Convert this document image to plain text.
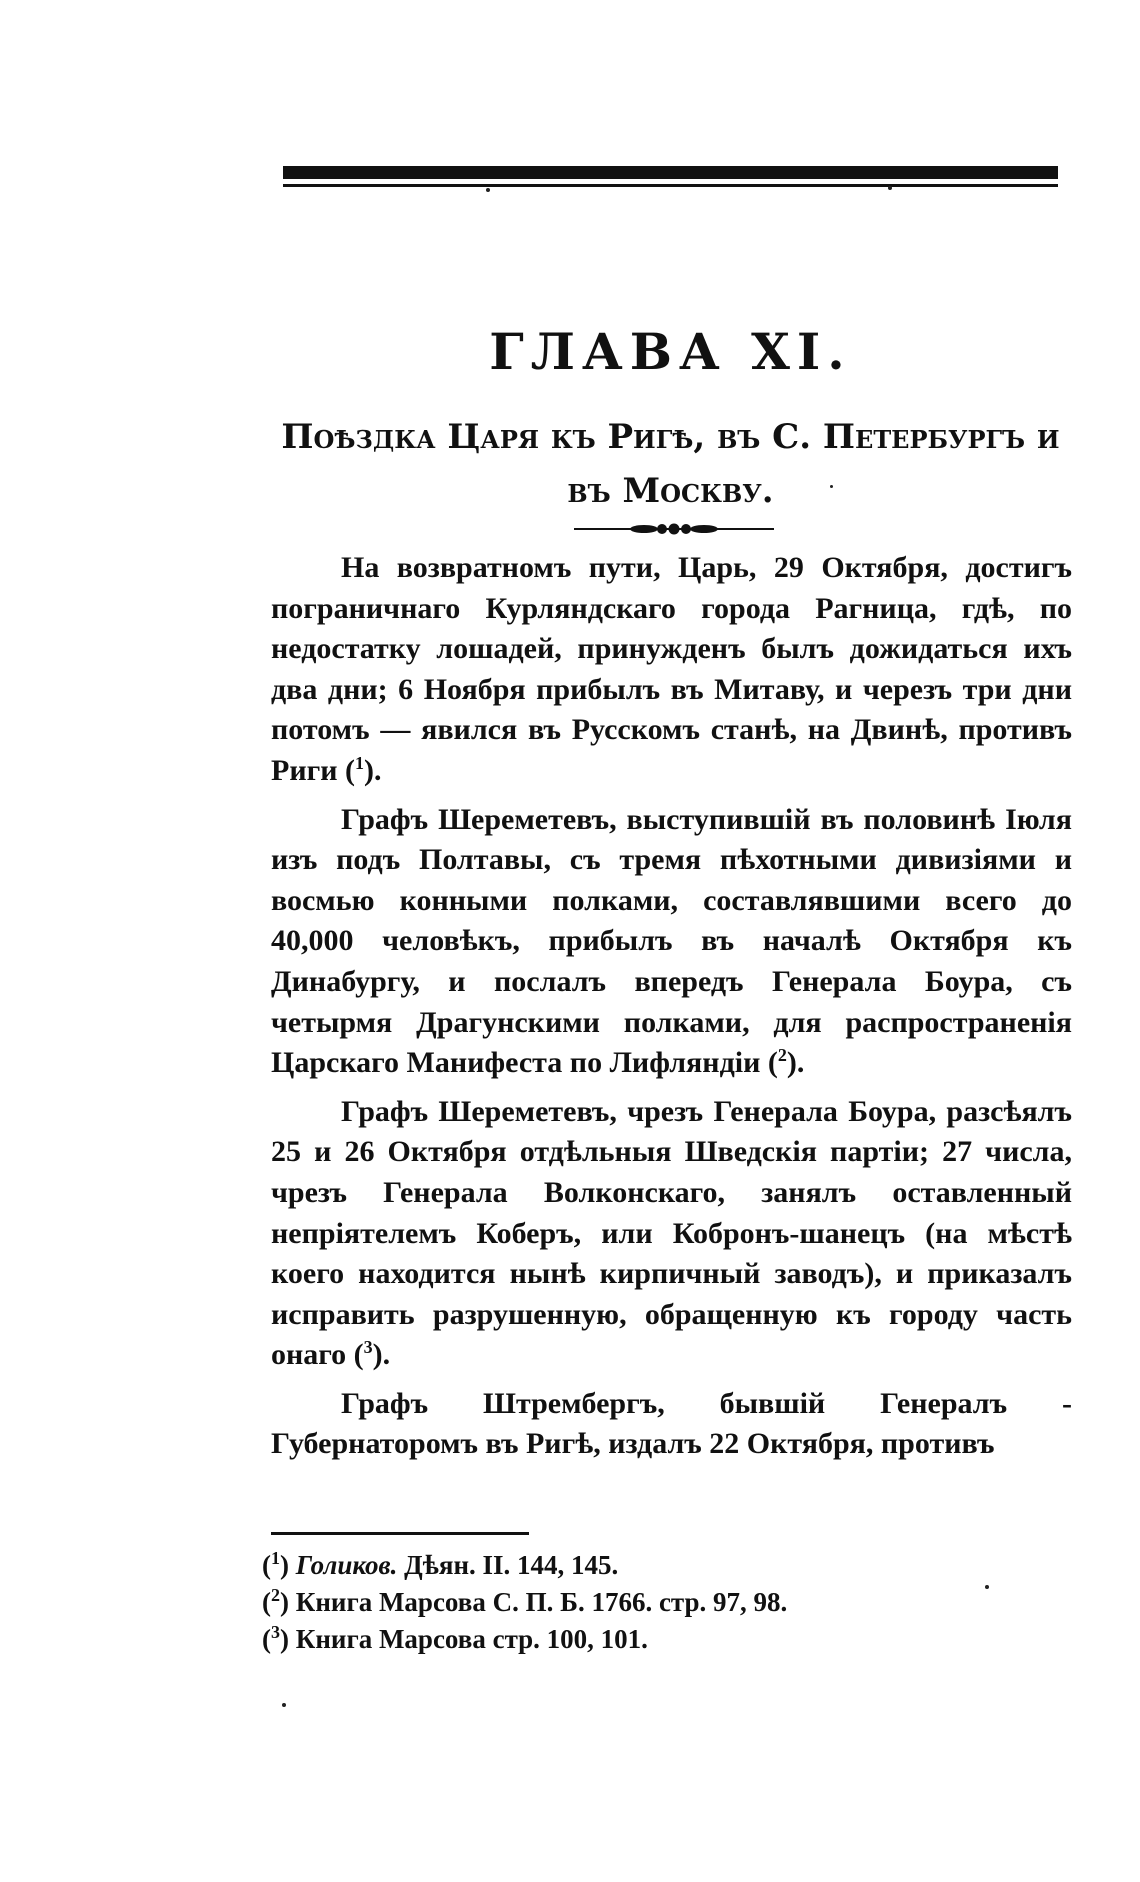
ГЛАВА XI.
Поѣздка Царя къ Ригѣ, въ С. Петербургъ и
въ Москву.

На возвратномъ пути, Царь, 29 Октября, достигъ пограничнаго Курляндскаго города Рагница, гдѣ, по недостатку лошадей, принужденъ былъ дожидаться ихъ два дни; 6 Ноября прибылъ въ Митаву, и черезъ три дни потомъ — явился въ Русскомъ станѣ, на Двинѣ, противъ Риги ($^1$).

Графъ Шереметевъ, выступившій въ половинѣ Іюля изъ подъ Полтавы, съ тремя пѣхотными дивизіями и восмью конными полками, составлявшими всего до 40,000 человѣкъ, прибылъ въ началѣ Октября къ Динабургу, и послалъ впередъ Генерала Боура, съ четырмя Драгунскими полками, для распространенія Царскаго Манифеста по Лифляндіи ($^2$).

Графъ Шереметевъ, чрезъ Генерала Боура, разсѣялъ 25 и 26 Октября отдѣльныя Шведскія партіи; 27 числа, чрезъ Генерала Волконскаго, занялъ оставленный непріятелемъ Коберъ, или Кобронъ-шанецъ (на мѣстѣ коего находится нынѣ кирпичный заводъ), и приказалъ исправить разрушенную, обращенную къ городу часть онаго ($^3$).

Графъ Штрембергъ, бывшій Генералъ - Губернаторомъ въ Ригѣ, издалъ 22 Октября, противъ

($^1$) Голиков. Дѣян. II. 144, 145.
($^2$) Книга Марсова С. П. Б. 1766. стр. 97, 98.
($^3$) Книга Марсова стр. 100, 101.
